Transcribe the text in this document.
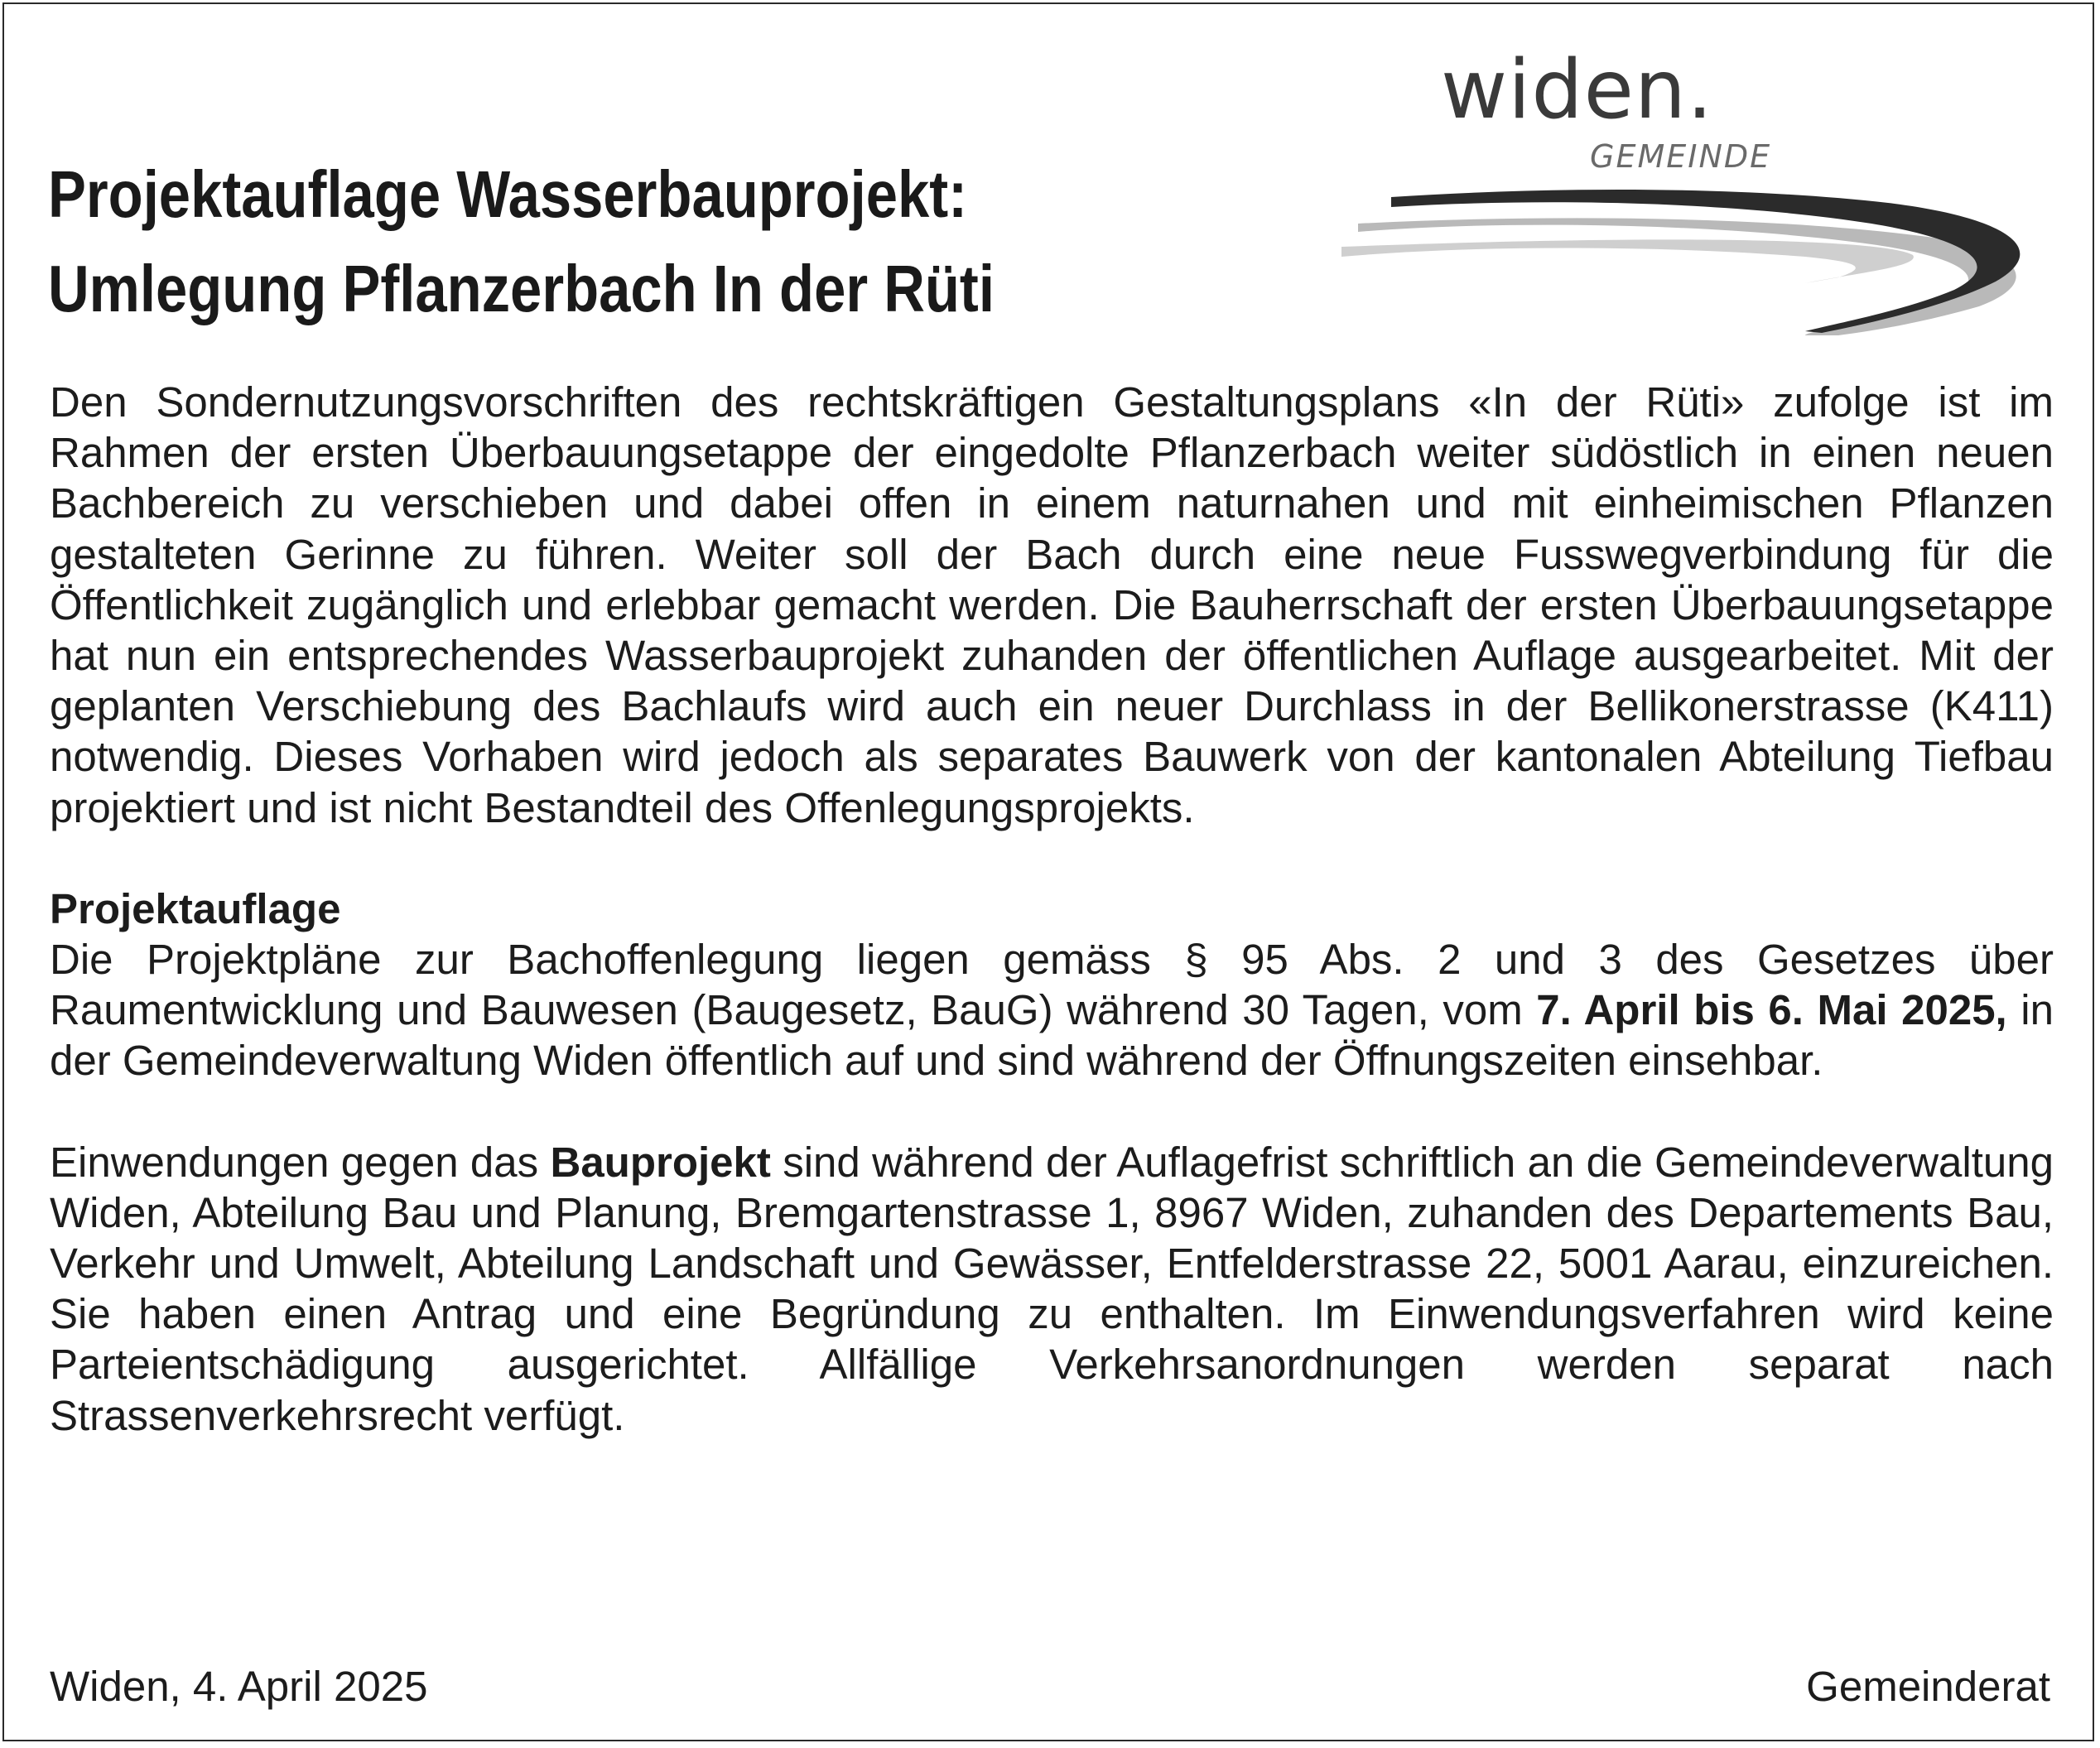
widen.
GEMEINDE
Projektauflage Wasserbauprojekt:
Umlegung Pflanzerbach In der Rüti

Den Sondernutzungsvorschriften des rechtskräftigen Gestaltungsplans «In der Rüti» zufolge ist im Rahmen der ersten Überbauungsetappe der eingedolte Pflanzerbach weiter südöstlich in einen neuen Bachbereich zu verschieben und dabei offen in einem naturnahen und mit einheimischen Pflanzen gestalteten Gerinne zu führen. Weiter soll der Bach durch eine neue Fusswegverbindung für die Öffentlichkeit zugänglich und erlebbar gemacht werden. Die Bauherrschaft der ersten Überbauungsetappe hat nun ein entsprechendes Wasserbauprojekt zuhanden der öffentlichen Auflage ausgearbeitet. Mit der geplanten Verschiebung des Bachlaufs wird auch ein neuer Durchlass in der Bellikonerstrasse (K411) notwendig. Dieses Vorhaben wird jedoch als separates Bauwerk von der kantonalen Abteilung Tiefbau projektiert und ist nicht Bestandteil des Offenlegungsprojekts.

Projektauflage
Die Projektpläne zur Bachoffenlegung liegen gemäss § 95 Abs. 2 und 3 des Gesetzes über Raumentwicklung und Bauwesen (Baugesetz, BauG) während 30 Tagen, vom 7. April bis 6. Mai 2025, in der Gemeindeverwaltung Widen öffentlich auf und sind während der Öffnungszeiten einsehbar.

Einwendungen gegen das Bauprojekt sind während der Auflagefrist schriftlich an die Gemeindeverwaltung Widen, Abteilung Bau und Planung, Bremgartenstrasse 1, 8967 Widen, zuhanden des Departements Bau, Verkehr und Umwelt, Abteilung Landschaft und Gewässer, Entfelderstrasse 22, 5001 Aarau, einzureichen. Sie haben einen Antrag und eine Begründung zu enthalten. Im Einwendungsverfahren wird keine Parteientschädigung ausgerichtet. Allfällige Verkehrsanordnungen werden separat nach Strassenverkehrsrecht verfügt.

Widen, 4. April 2025	Gemeinderat
